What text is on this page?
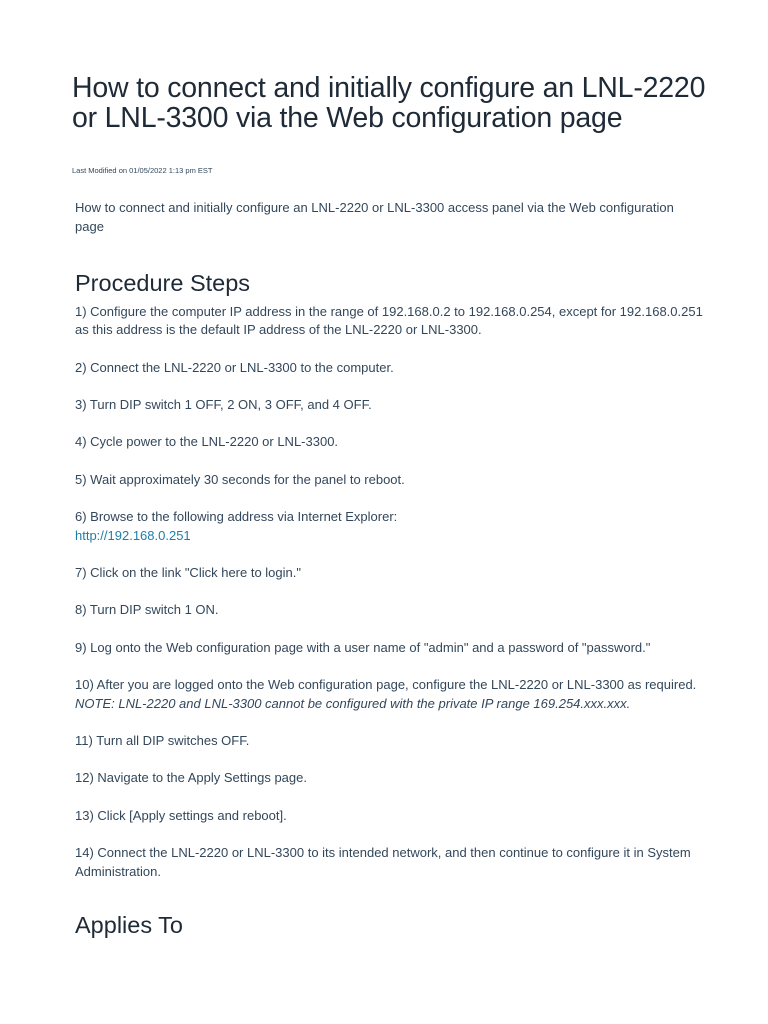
How to connect and initially configure an LNL-2220 or LNL-3300 via the Web configuration page
Last Modified on 01/05/2022 1:13 pm EST

How to connect and initially configure an LNL-2220 or LNL-3300 access panel via the Web configuration page

Procedure Steps

1) Configure the computer IP address in the range of 192.168.0.2 to 192.168.0.254, except for 192.168.0.251 as this address is the default IP address of the LNL-2220 or LNL-3300.

2) Connect the LNL-2220 or LNL-3300 to the computer.

3) Turn DIP switch 1 OFF, 2 ON, 3 OFF, and 4 OFF.

4) Cycle power to the LNL-2220 or LNL-3300.

5) Wait approximately 30 seconds for the panel to reboot.

6) Browse to the following address via Internet Explorer:
http://192.168.0.251

7) Click on the link "Click here to login."

8) Turn DIP switch 1 ON.

9) Log onto the Web configuration page with a user name of "admin" and a password of "password."

10) After you are logged onto the Web configuration page, configure the LNL-2220 or LNL-3300 as required.
NOTE: LNL-2220 and LNL-3300 cannot be configured with the private IP range 169.254.xxx.xxx.

11) Turn all DIP switches OFF.

12) Navigate to the Apply Settings page.

13) Click [Apply settings and reboot].

14) Connect the LNL-2220 or LNL-3300 to its intended network, and then continue to configure it in System Administration.

Applies To
